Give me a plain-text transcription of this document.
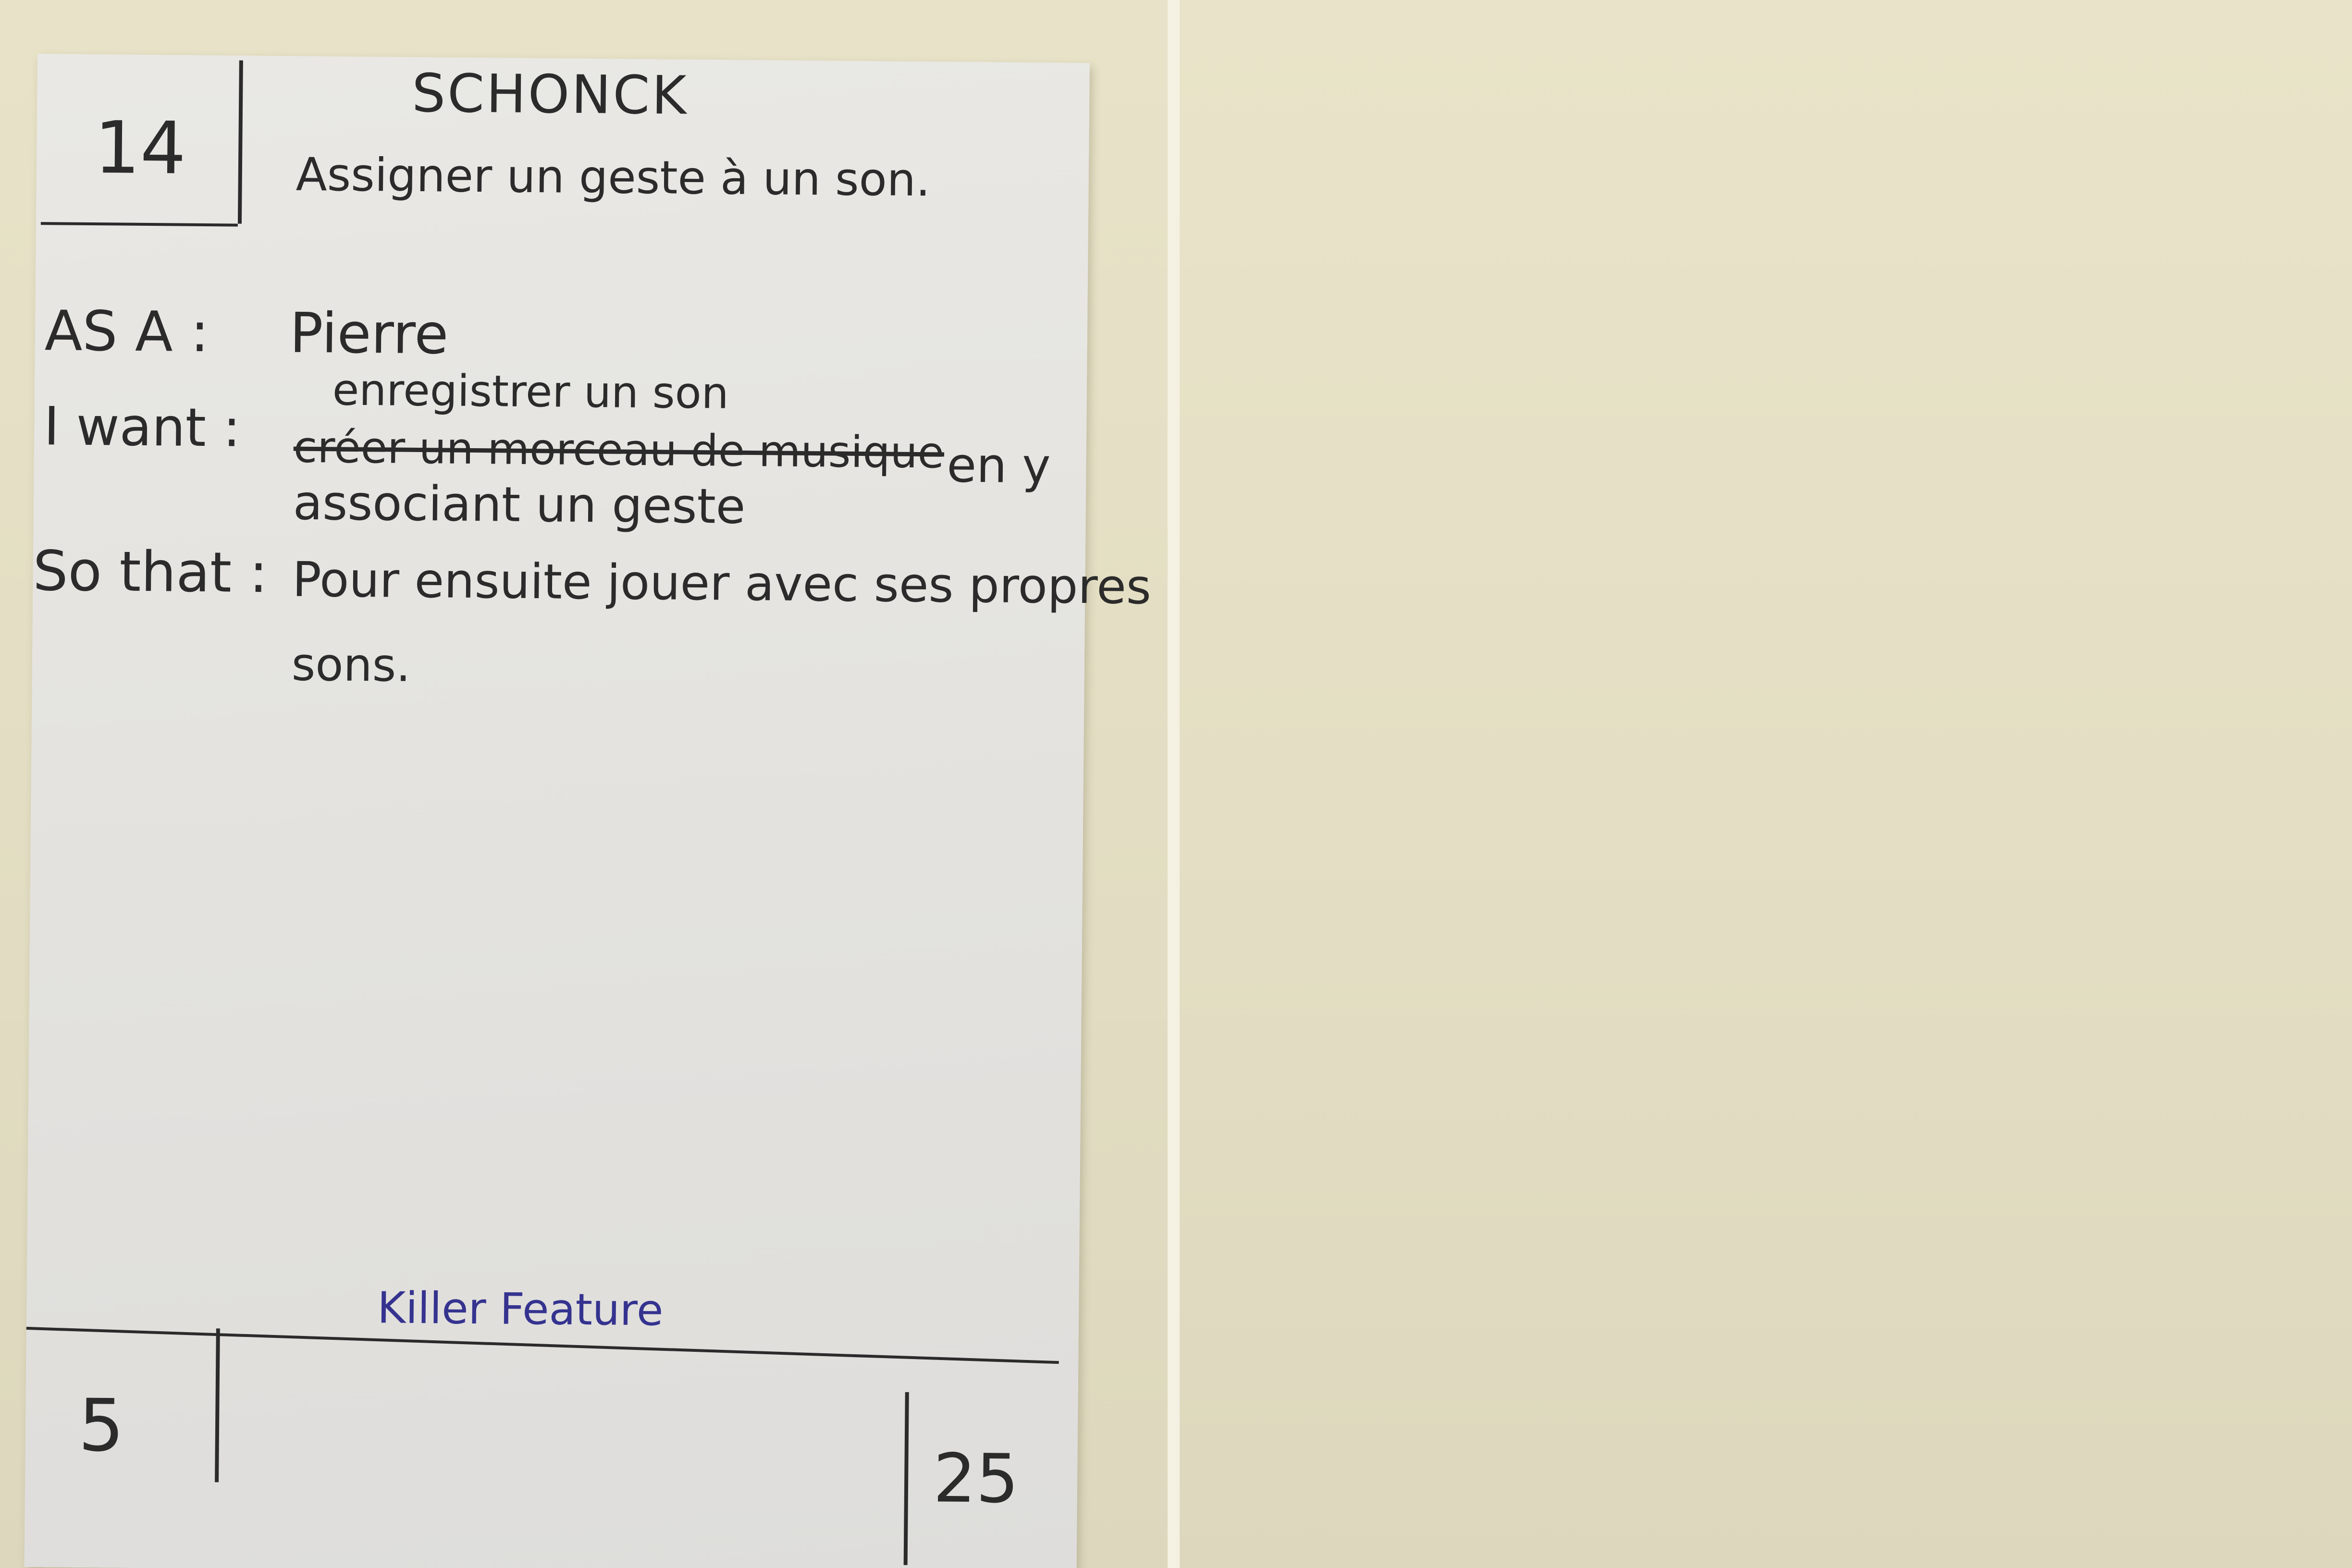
14
SCHONCK
Assigner un geste à un son.
AS A : Pierre
enregistrer un son
I want : créer un morceau de musique en y
associant un geste
So that : Pour ensuite jouer avec ses propres
sons.
Killer Feature
5
25
